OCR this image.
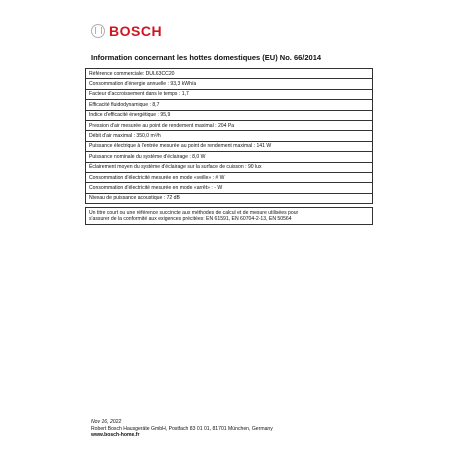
BOSCH
Information concernant les hottes domestiques (EU) No. 66/2014
Référence commerciale: DUL63CC20
Consommation d'énergie annuelle : 93,3 kWh/a
Facteur d'accroissement dans le temps : 1,7
Efficacité fluidodynamique : 8,7
Indice d'efficacité énergétique : 95,9
Pression d'air mesurée au point de rendement maximal : 204 Pa
Débit d'air maximal : 350,0 m³/h
Puissance électrique à l'entrée mesurée au point de rendement maximal : 141 W
Puissance nominale du système d'éclairage : 8,0 W
Éclairement moyen du système d'éclairage sur la surface de cuisson : 90 lux
Consommation d'électricité mesurée en mode «veille» : # W
Consommation d'électricité mesurée en mode «arrêt» : - W
Niveau de puissance acoustique : 72 dB

Un titre court ou une référence succincte aux méthodes de calcul et de mesure utilisées pour
s'assurer de la conformité aux exigences précitées: EN 61591, EN 60704-2-13, EN 50564
Nov 16, 2022
Robert Bosch Hausgeräte GmbH, Postfach 83 01 01, 81701 München, Germany
www.bosch-home.fr
